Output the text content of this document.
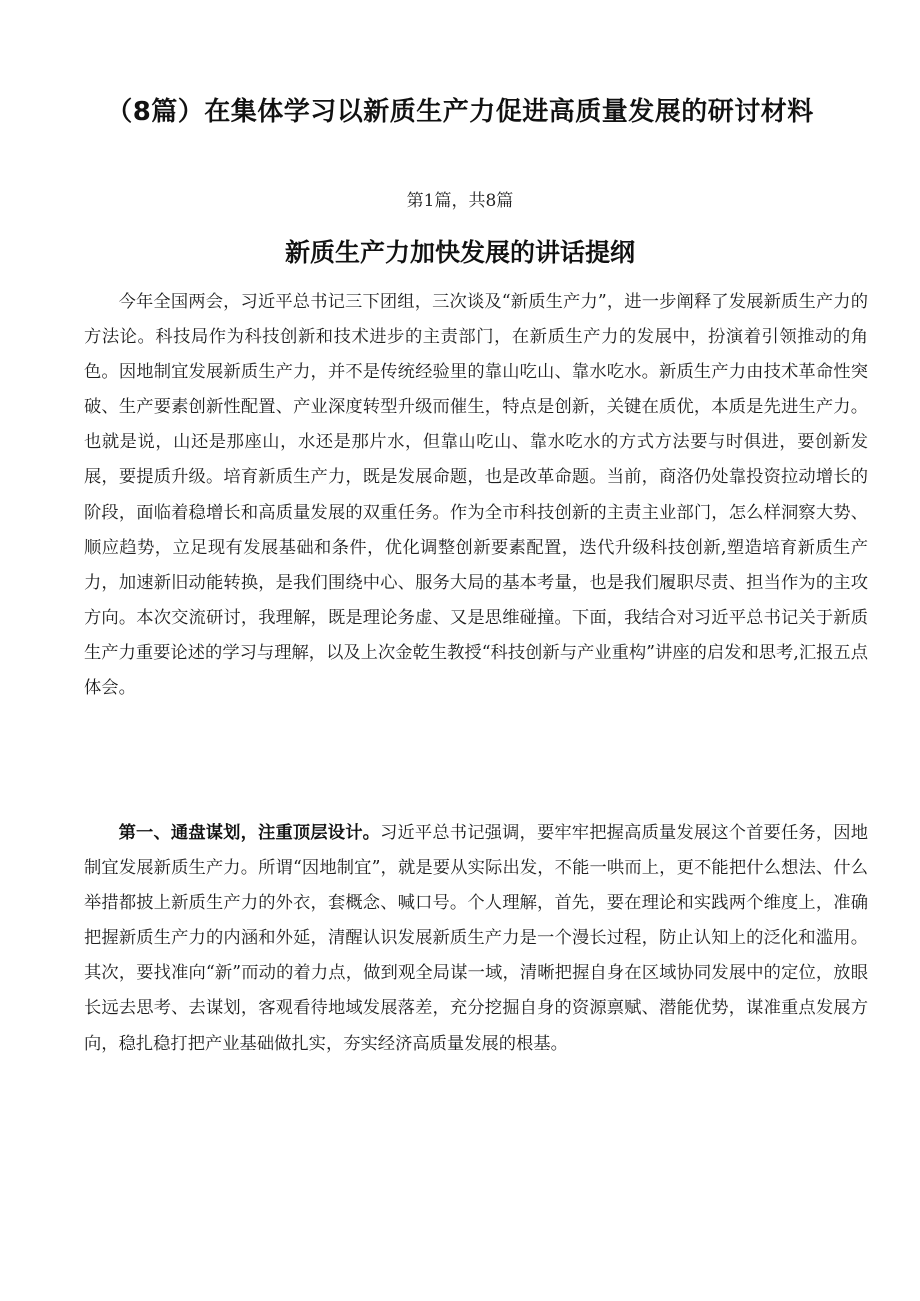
（8篇）在集体学习以新质生产力促进高质量发展的研讨材料
第1篇，共8篇
新质生产力加快发展的讲话提纲

今年全国两会，习近平总书记三下团组，三次谈及“新质生产力”，进一步阐释了发展新质生产力的方法论。科技局作为科技创新和技术进步的主责部门，在新质生产力的发展中，扮演着引领推动的角色。因地制宜发展新质生产力，并不是传统经验里的靠山吃山、靠水吃水。新质生产力由技术革命性突破、生产要素创新性配置、产业深度转型升级而催生，特点是创新，关键在质优，本质是先进生产力。也就是说，山还是那座山，水还是那片水，但靠山吃山、靠水吃水的方式方法要与时俱进，要创新发展，要提质升级。培育新质生产力，既是发展命题，也是改革命题。当前，商洛仍处靠投资拉动增长的阶段，面临着稳增长和高质量发展的双重任务。作为全市科技创新的主责主业部门，怎么样洞察大势、顺应趋势，立足现有发展基础和条件，优化调整创新要素配置，迭代升级科技创新,塑造培育新质生产力，加速新旧动能转换，是我们围绕中心、服务大局的基本考量，也是我们履职尽责、担当作为的主攻方向。本次交流研讨，我理解，既是理论务虚、又是思维碰撞。下面，我结合对习近平总书记关于新质生产力重要论述的学习与理解，以及上次金乾生教授“科技创新与产业重构”讲座的启发和思考,汇报五点体会。

第一、通盘谋划，注重顶层设计。习近平总书记强调，要牢牢把握高质量发展这个首要任务，因地制宜发展新质生产力。所谓“因地制宜”，就是要从实际出发，不能一哄而上，更不能把什么想法、什么举措都披上新质生产力的外衣，套概念、喊口号。个人理解，首先，要在理论和实践两个维度上，准确把握新质生产力的内涵和外延，清醒认识发展新质生产力是一个漫长过程，防止认知上的泛化和滥用。其次，要找准向“新”而动的着力点，做到观全局谋一域，清晰把握自身在区域协同发展中的定位，放眼长远去思考、去谋划，客观看待地域发展落差，充分挖掘自身的资源禀赋、潜能优势，谋准重点发展方向，稳扎稳打把产业基础做扎实，夯实经济高质量发展的根基。
